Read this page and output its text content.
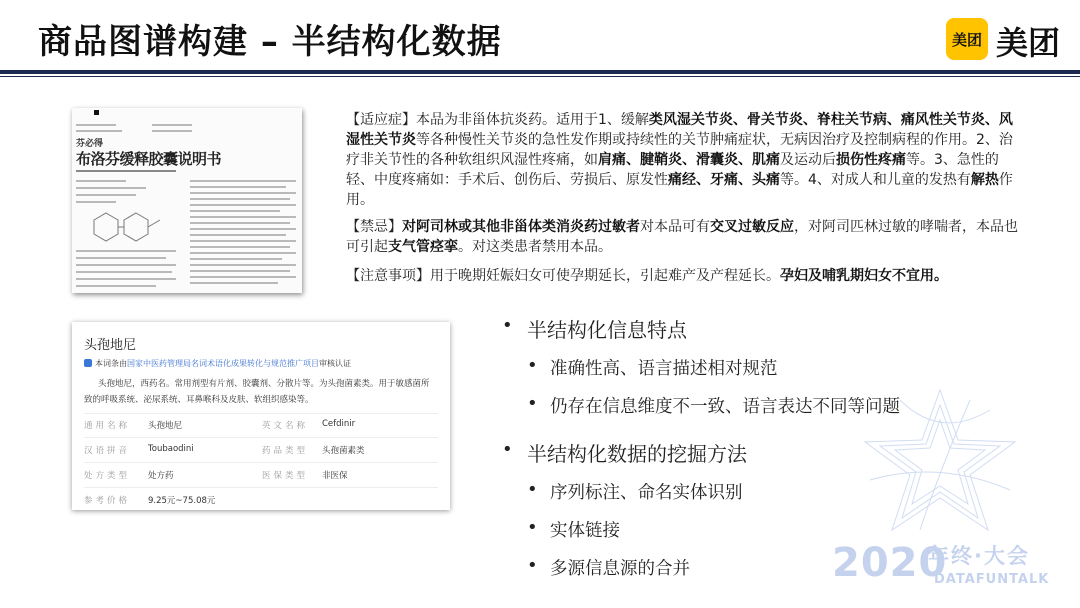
商品图谱构建 – 半结构化数据	美团 美团
芬必得
布洛芬缓释胶囊说明书
头孢地尼
本词条由国家中医药管理局名词术语化成果转化与规范推广项目审核认证
头孢地尼，西药名。常用剂型有片剂、胶囊剂、分散片等。为头孢菌素类。用于敏感菌所致的呼吸系统、泌尿系统、耳鼻喉科及皮肤、软组织感染等。
通用名称 头孢地尼	英文名称 Cefdinir
汉语拼音 Toubaodini	药品类型 头孢菌素类
处方类型 处方药	医保类型 非医保
参考价格 9.25元~75.08元
【适应症】本品为非甾体抗炎药。适用于1、缓解类风湿关节炎、骨关节炎、脊柱关节病、痛风性关节炎、风湿性关节炎等各种慢性关节炎的急性发作期或持续性的关节肿痛症状，无病因治疗及控制病程的作用。2、治疗非关节性的各种软组织风湿性疼痛，如肩痛、腱鞘炎、滑囊炎、肌痛及运动后损伤性疼痛等。3、急性的轻、中度疼痛如：手术后、创伤后、劳损后、原发性痛经、牙痛、头痛等。4、对成人和儿童的发热有解热作用。
【禁忌】对阿司林或其他非甾体类消炎药过敏者对本品可有交叉过敏反应，对阿司匹林过敏的哮喘者，本品也可引起支气管痉挛。对这类患者禁用本品。
【注意事项】用于晚期妊娠妇女可使孕期延长，引起难产及产程延长。孕妇及哺乳期妇女不宜用。
• 半结构化信息特点
• 准确性高、语言描述相对规范
• 仍存在信息维度不一致、语言表达不同等问题
• 半结构化数据的挖掘方法
• 序列标注、命名实体识别
• 实体链接
• 多源信息源的合并	2020
年终·大会
DATAFUNTALK
